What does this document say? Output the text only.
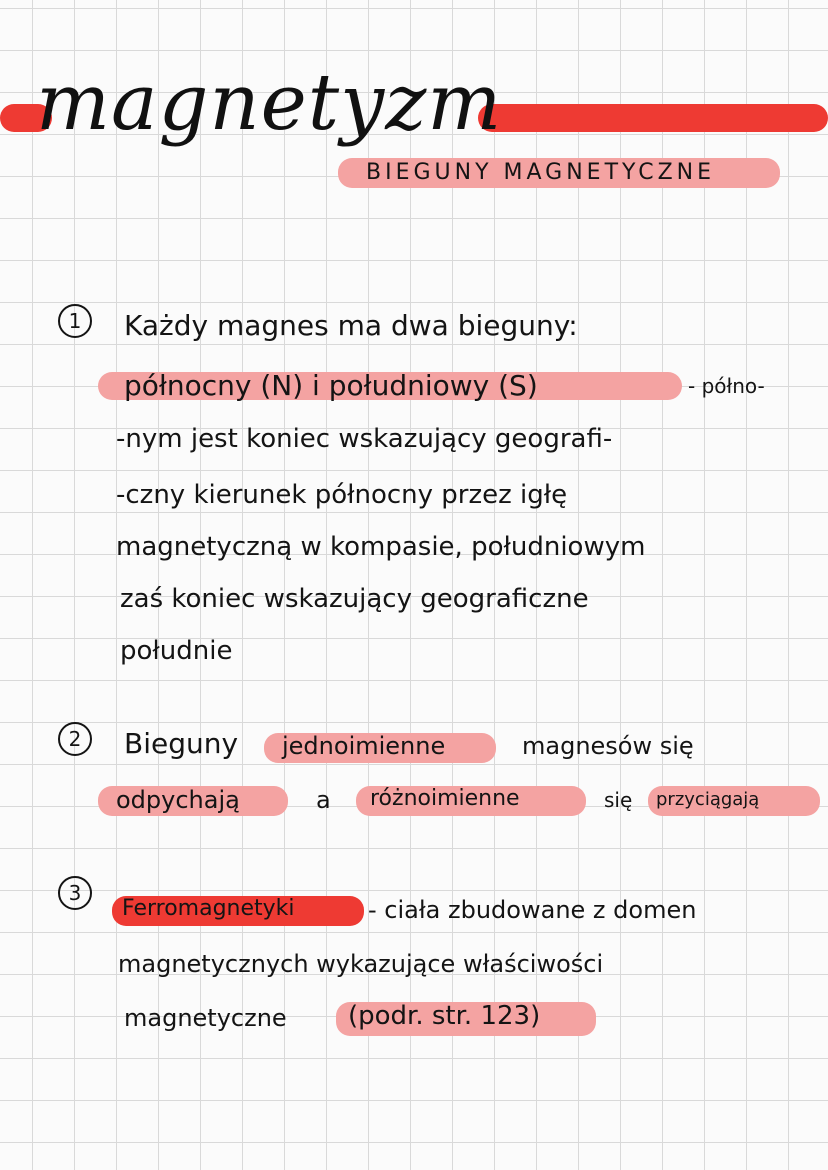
magnetyzm
BIEGUNY MAGNETYCZNE
1	Każdy magnes ma dwa bieguny:
północny (N) i południowy (S)	- półno-
-nym jest koniec wskazujący geografi-
-czny kierunek północny przez igłę
magnetyczną w kompasie, południowym
zaś koniec wskazujący geograficzne
południe
2	Bieguny jednoimienne	magnesów się
odpychają	a różnoimienne	się przyciągają
3
Ferromagnetyki	- ciała zbudowane z domen
magnetycznych wykazujące właściwości
magnetyczne (podr. str. 123)
